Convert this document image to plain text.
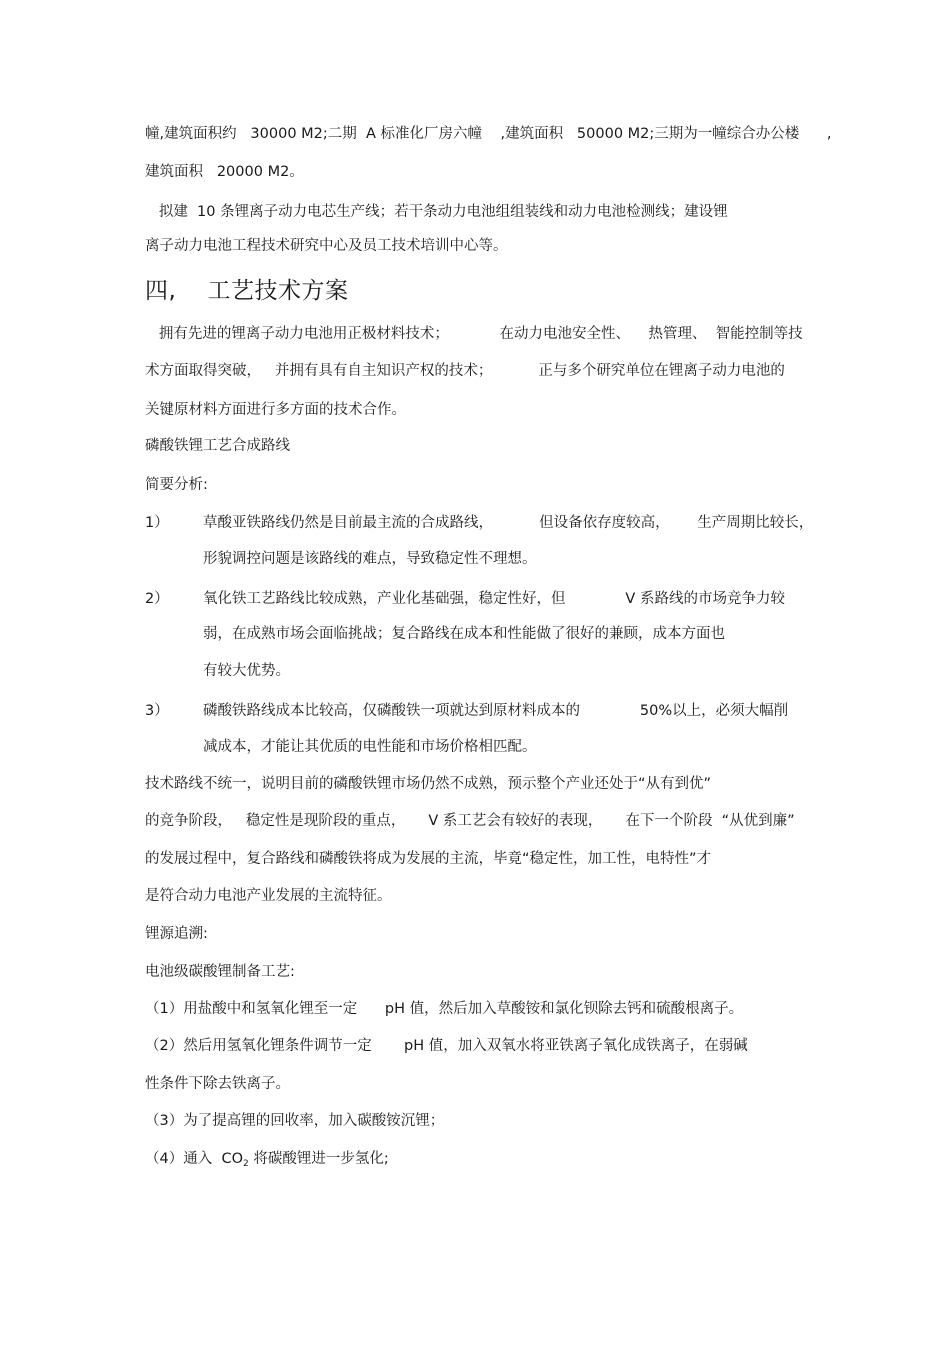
幢,建筑面积约   30000 M2;二期  A 标准化厂房六幢    ,建筑面积   50000 M2;三期为一幢综合办公楼      ,
建筑面积   20000 M2。
拟建  10 条锂离子动力电芯生产线；若干条动力电池组组装线和动力电池检测线；建设锂
离子动力电池工程技术研究中心及员工技术培训中心等。
四,    工艺技术方案
拥有先进的锂离子动力电池用正极材料技术；           在动力电池安全性、    热管理、  智能控制等技
术方面取得突破，   并拥有具有自主知识产权的技术；          正与多个研究单位在锂离子动力电池的
关键原材料方面进行多方面的技术合作。
磷酸铁锂工艺合成路线
简要分析:
1） 草酸亚铁路线仍然是目前最主流的合成路线，          但设备依存度较高，      生产周期比较长，
形貌调控问题是该路线的难点，导致稳定性不理想。
2） 氧化铁工艺路线比较成熟，产业化基础强，稳定性好，但             V 系路线的市场竞争力较
弱，在成熟市场会面临挑战；复合路线在成本和性能做了很好的兼顾，成本方面也
有较大优势。
3） 磷酸铁路线成本比较高，仅磷酸铁一项就达到原材料成本的             50%以上，必须大幅削
减成本，才能让其优质的电性能和市场价格相匹配。
技术路线不统一，说明目前的磷酸铁锂市场仍然不成熟，预示整个产业还处于“从有到优”
的竞争阶段，   稳定性是现阶段的重点，     V 系工艺会有较好的表现，     在下一个阶段  “从优到廉”
的发展过程中，复合路线和磷酸铁将成为发展的主流，毕竟“稳定性，加工性，电特性”才
是符合动力电池产业发展的主流特征。
锂源追溯:
电池级碳酸锂制备工艺:
（1）用盐酸中和氢氧化锂至一定      pH 值，然后加入草酸铵和氯化钡除去钙和硫酸根离子。
（2）然后用氢氧化锂条件调节一定       pH 值，加入双氧水将亚铁离子氧化成铁离子，在弱碱
性条件下除去铁离子。
（3）为了提高锂的回收率，加入碳酸铵沉锂；
（4）通入  $CO_2$ 将碳酸锂进一步氢化;
